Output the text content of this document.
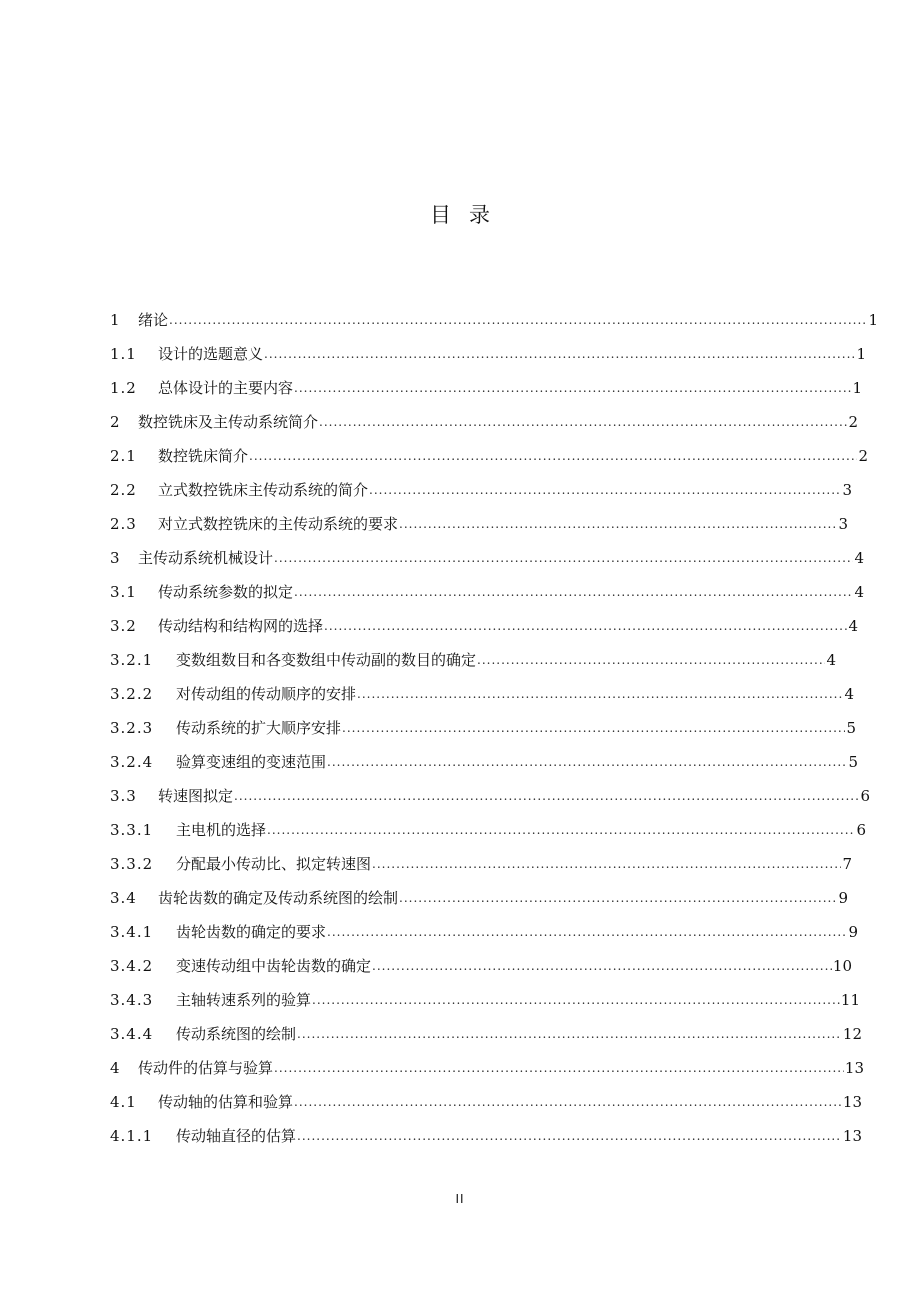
目录
1	绪论 .....	1
1.1	设计的选题意义 .....	1
1.2	总体设计的主要内容 .....	1
2	数控铣床及主传动系统简介 .....	2
2.1	数控铣床简介 .....	2
2.2	立式数控铣床主传动系统的简介 .....	3
2.3	对立式数控铣床的主传动系统的要求 .....	3
3	主传动系统机械设计 .....	4
3.1	传动系统参数的拟定 .....	4
3.2	传动结构和结构网的选择 .....	4
3.2.1	变数组数目和各变数组中传动副的数目的确定 .....	4
3.2.2	对传动组的传动顺序的安排 .....	4
3.2.3	传动系统的扩大顺序安排 .....	5
3.2.4	验算变速组的变速范围 .....	5
3.3	转速图拟定 .....	6
3.3.1	主电机的选择 .....	6
3.3.2	分配最小传动比、拟定转速图 .....	7
3.4	齿轮齿数的确定及传动系统图的绘制 .....	9
3.4.1	齿轮齿数的确定的要求 .....	9
3.4.2	变速传动组中齿轮齿数的确定 .....	10
3.4.3	主轴转速系列的验算 .....	11
3.4.4	传动系统图的绘制 .....	12
4	传动件的估算与验算 .....	13
4.1	传动轴的估算和验算 .....	13
4.1.1	传动轴直径的估算 .....	13
II
